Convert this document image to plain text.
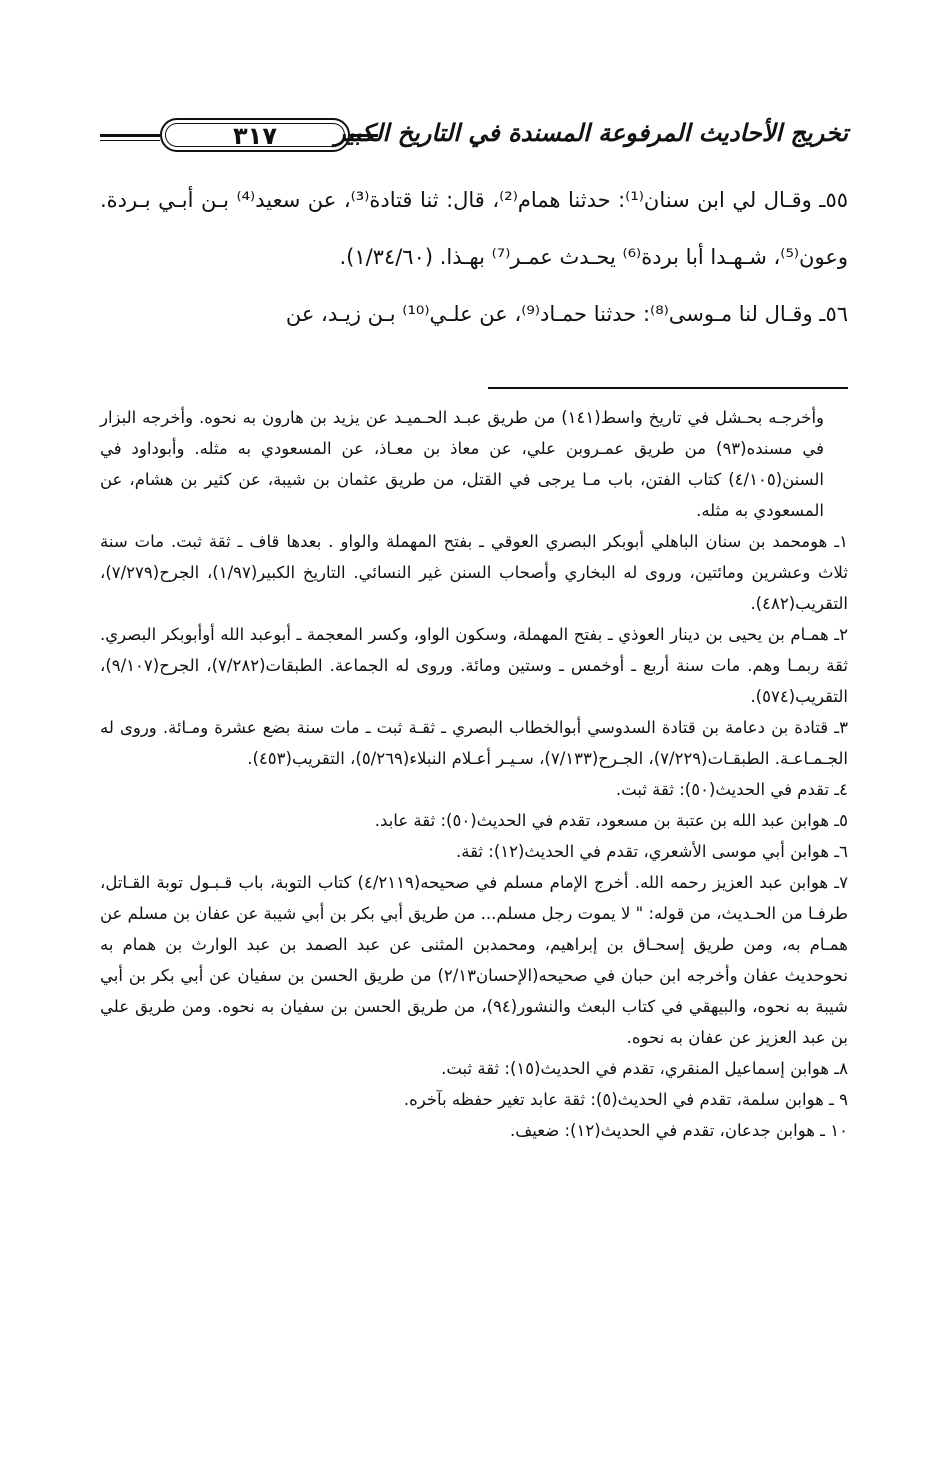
٣١٧	تخريج الأحاديث المرفوعة المسندة في التاريخ الكبير

٥٥ـ وقـال لي ابن سنان⁽¹⁾: حدثنا همام⁽²⁾، قال: ثنا قتادة⁽³⁾، عن سعيد⁽⁴⁾ بـن أبـي بـردة. وعون⁽⁵⁾، شـهـدا أبا بردة⁽⁶⁾ يحـدث عمـر⁽⁷⁾ بهـذا. (١/٣٤/٦٠).

٥٦ـ وقـال لنا مـوسى⁽⁸⁾: حدثنا حمـاد⁽⁹⁾، عن علـي⁽¹⁰⁾ بـن زيـد، عن

وأخرجـه بحـشل في تاريخ واسط(١٤١) من طريق عبـد الحـميـد عن يزيد بن هارون به نحوه. وأخرجه البزار في مسنده(٩٣) من طريق عمـروبن علي، عن معاذ بن معـاذ، عن المسعودي به مثله. وأبوداود في السنن(٤/١٠٥) كتاب الفتن، باب مـا يرجى في القتل، من طريق عثمان بن شيبة، عن كثير بن هشام، عن المسعودي به مثله.

١ـ هومحمد بن سنان الباهلي أبوبكر البصري العوقي ـ بفتح المهملة والواو . بعدها قاف ـ ثقة ثبت. مات سنة ثلاث وعشرين ومائتين، وروى له البخاري وأصحاب السنن غير النسائي. التاريخ الكبير(١/٩٧)، الجرح(٧/٢٧٩)، التقريب(٤٨٢).

٢ـ همـام بن يحيى بن دينار العوذي ـ بفتح المهملة، وسكون الواو، وكسر المعجمة ـ أبوعبد الله أوأبوبكر البصري. ثقة ربمـا وهم. مات سنة أربع ـ أوخمس ـ وستين ومائة. وروى له الجماعة. الطبقات(٧/٢٨٢)، الجرح(٩/١٠٧)، التقريب(٥٧٤).

٣ـ قتادة بن دعامة بن قتادة السدوسي أبوالخطاب البصري ـ ثقـة ثبت ـ مات سنة بضع عشرة ومـائة. وروى له الجـمـاعـة. الطبقـات(٧/٢٢٩)، الجـرح(٧/١٣٣)، سـيـر أعـلام النبلاء(٥/٢٦٩)، التقريب(٤٥٣).

٤ـ تقدم في الحديث(٥٠): ثقة ثبت.

٥ـ هوابن عبد الله بن عتبة بن مسعود، تقدم في الحديث(٥٠): ثقة عابد.

٦ـ هوابن أبي موسى الأشعري، تقدم في الحديث(١٢): ثقة.

٧ـ هوابن عبد العزيز رحمه الله. أخرج الإمام مسلم في صحيحه(٤/٢١١٩) كتاب التوبة، باب قـبـول توبة القـاتل، طرفـا من الحـديث، من قوله: " لا يموت رجل مسلم... من طريق أبي بكر بن أبي شيبة عن عفان بن مسلم عن همـام به، ومن طريق إسحـاق بن إبراهيم، ومحمدبن المثنى عن عبد الصمد بن عبد الوارث بن همام به نحوحديث عفان وأخرجه ابن حبان في صحيحه(الإحسان٢/١٣) من طريق الحسن بن سفيان عن أبي بكر بن أبي شيبة به نحوه، والبيهقي في كتاب البعث والنشور(٩٤)، من طريق الحسن بن سفيان به نحوه. ومن طريق علي بن عبد العزيز عن عفان به نحوه.

٨ـ هوابن إسماعيل المنقري، تقدم في الحديث(١٥): ثقة ثبت.

٩ ـ هوابن سلمة، تقدم في الحديث(٥): ثقة عابد تغير حفظه بآخره.

١٠ ـ هوابن جدعان، تقدم في الحديث(١٢): ضعيف.
